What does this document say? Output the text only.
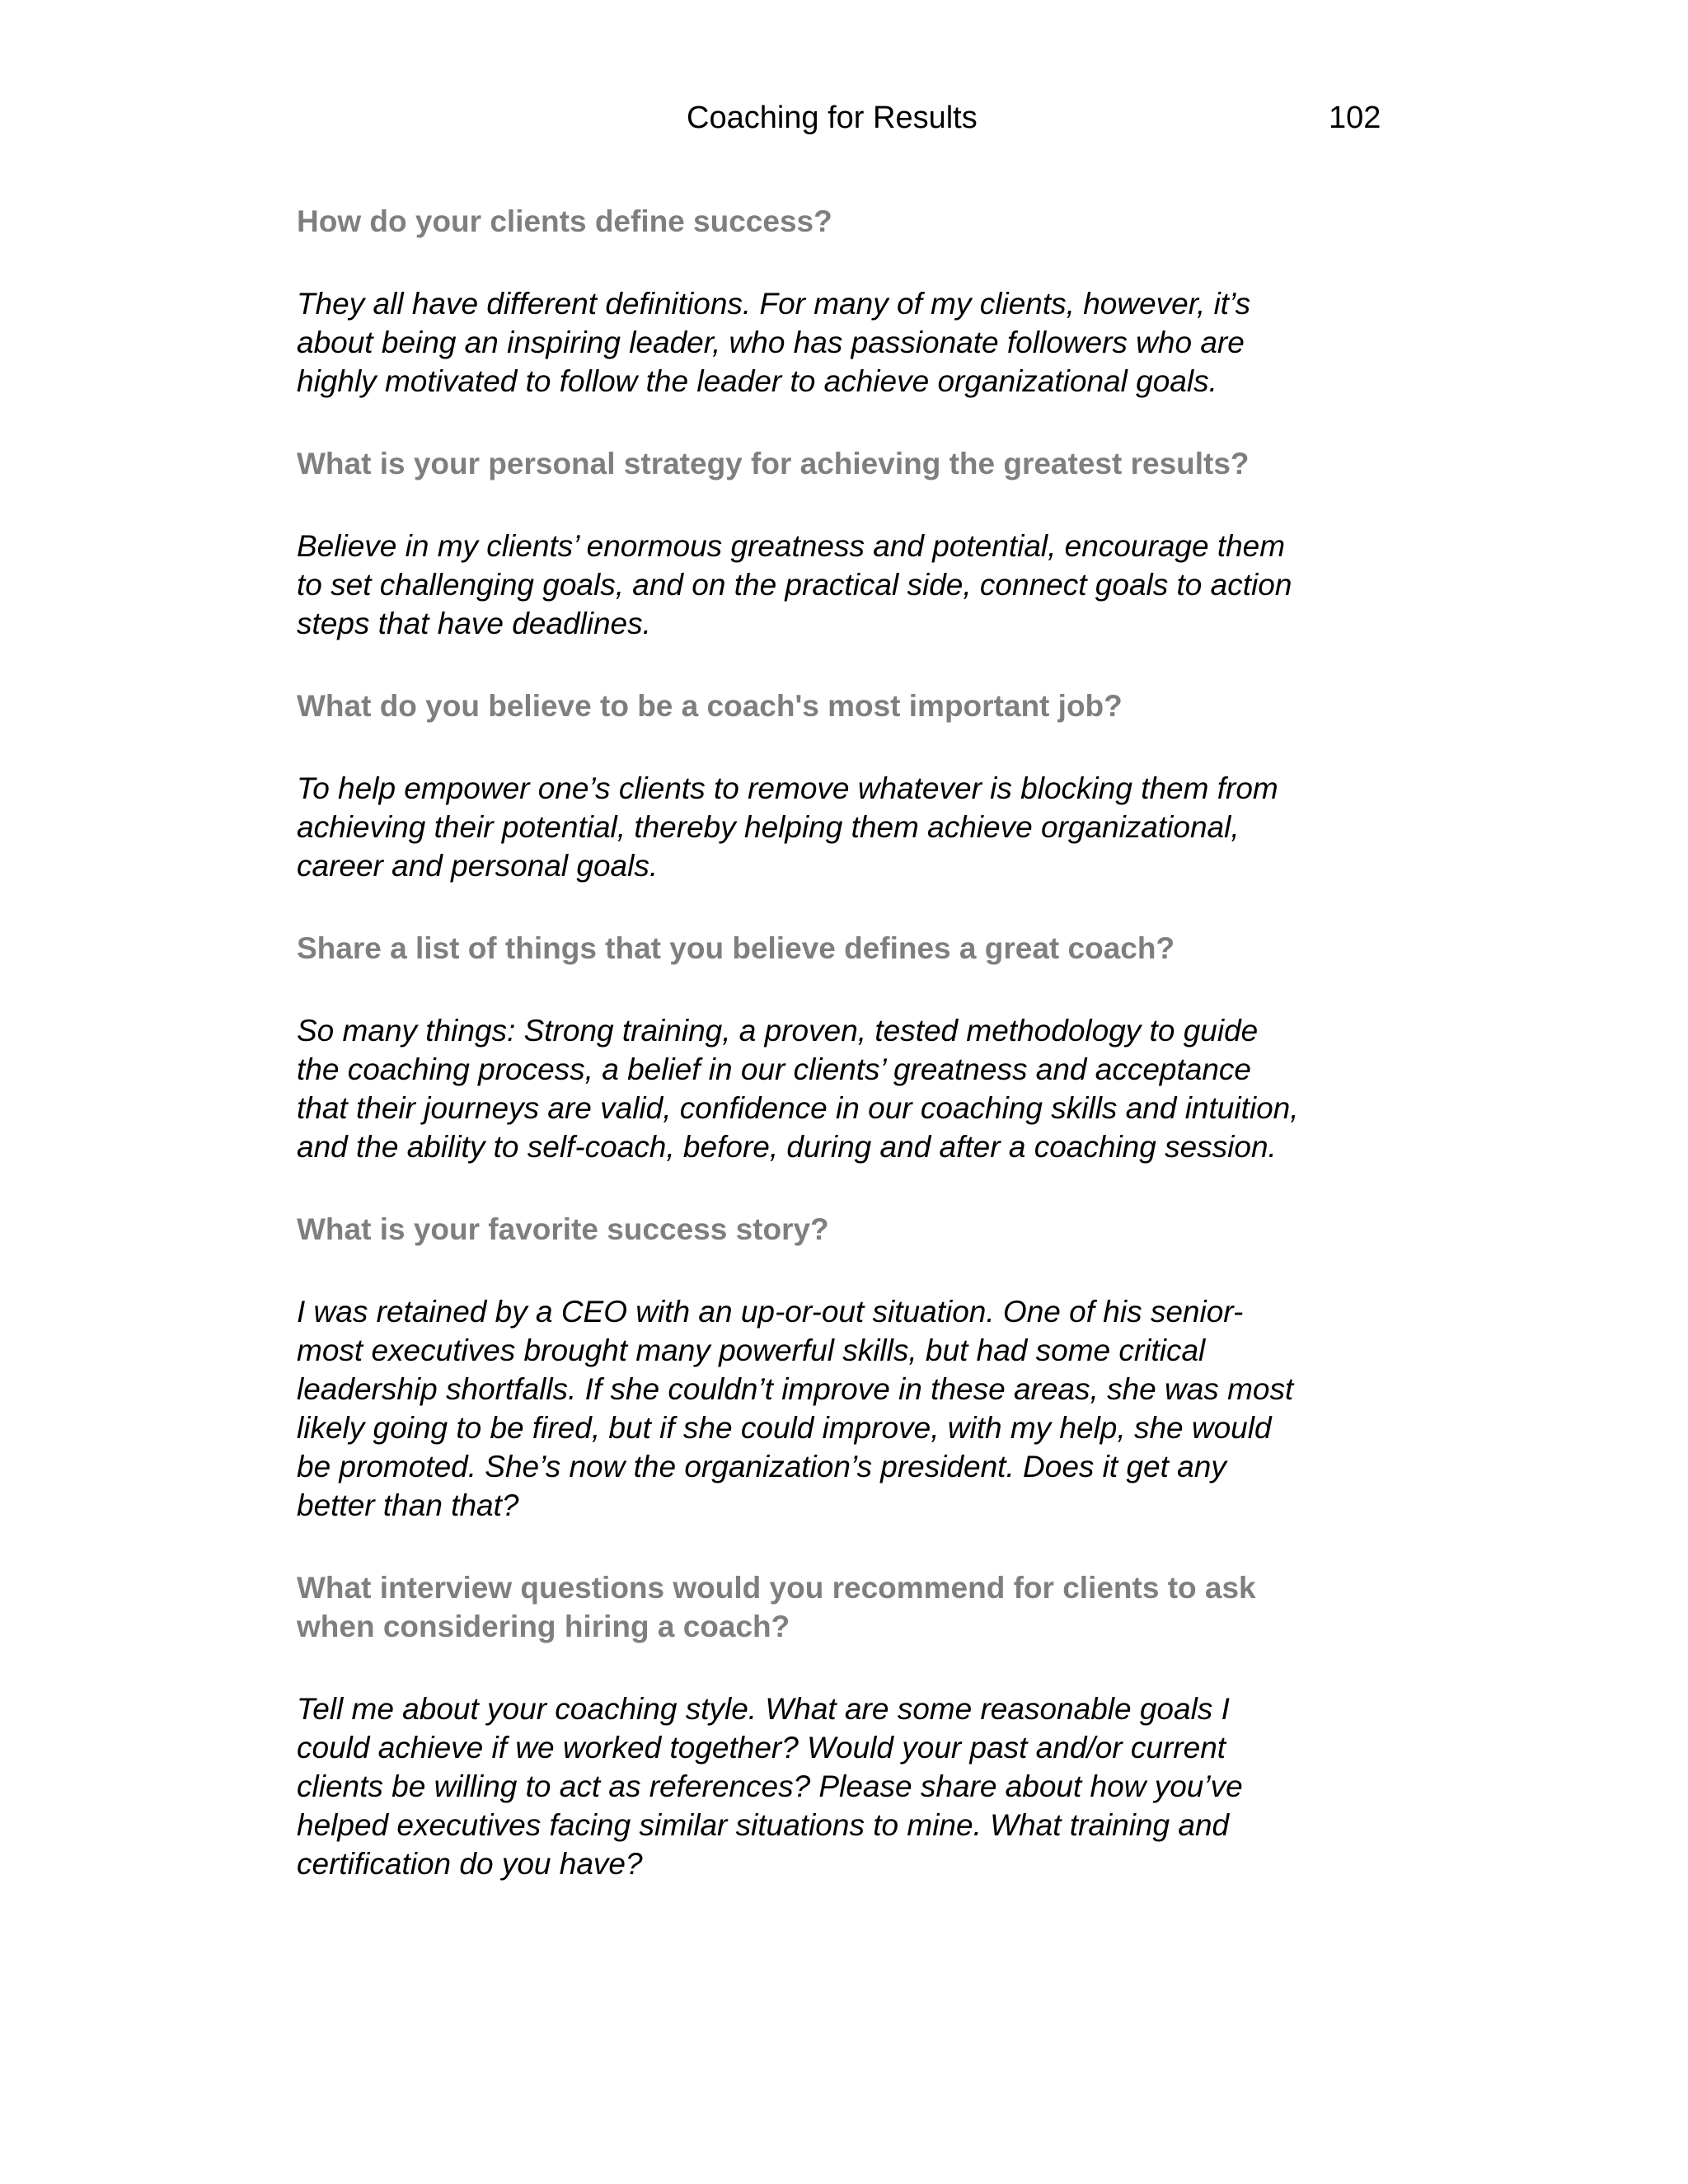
Coaching for Results	102
How do your clients define success?
They all have different definitions. For many of my clients, however, it’s
about being an inspiring leader, who has passionate followers who are
highly motivated to follow the leader to achieve organizational goals.
What is your personal strategy for achieving the greatest results?
Believe in my clients’ enormous greatness and potential, encourage them
to set challenging goals, and on the practical side, connect goals to action
steps that have deadlines.
What do you believe to be a coach's most important job?
To help empower one’s clients to remove whatever is blocking them from
achieving their potential, thereby helping them achieve organizational,
career and personal goals.
Share a list of things that you believe defines a great coach?
So many things: Strong training, a proven, tested methodology to guide
the coaching process, a belief in our clients’ greatness and acceptance
that their journeys are valid, confidence in our coaching skills and intuition,
and the ability to self-coach, before, during and after a coaching session.
What is your favorite success story?
I was retained by a CEO with an up-or-out situation. One of his senior-
most executives brought many powerful skills, but had some critical
leadership shortfalls. If she couldn’t improve in these areas, she was most
likely going to be fired, but if she could improve, with my help, she would
be promoted. She’s now the organization’s president. Does it get any
better than that?
What interview questions would you recommend for clients to ask
when considering hiring a coach?
Tell me about your coaching style. What are some reasonable goals I
could achieve if we worked together? Would your past and/or current
clients be willing to act as references? Please share about how you’ve
helped executives facing similar situations to mine. What training and
certification do you have?
